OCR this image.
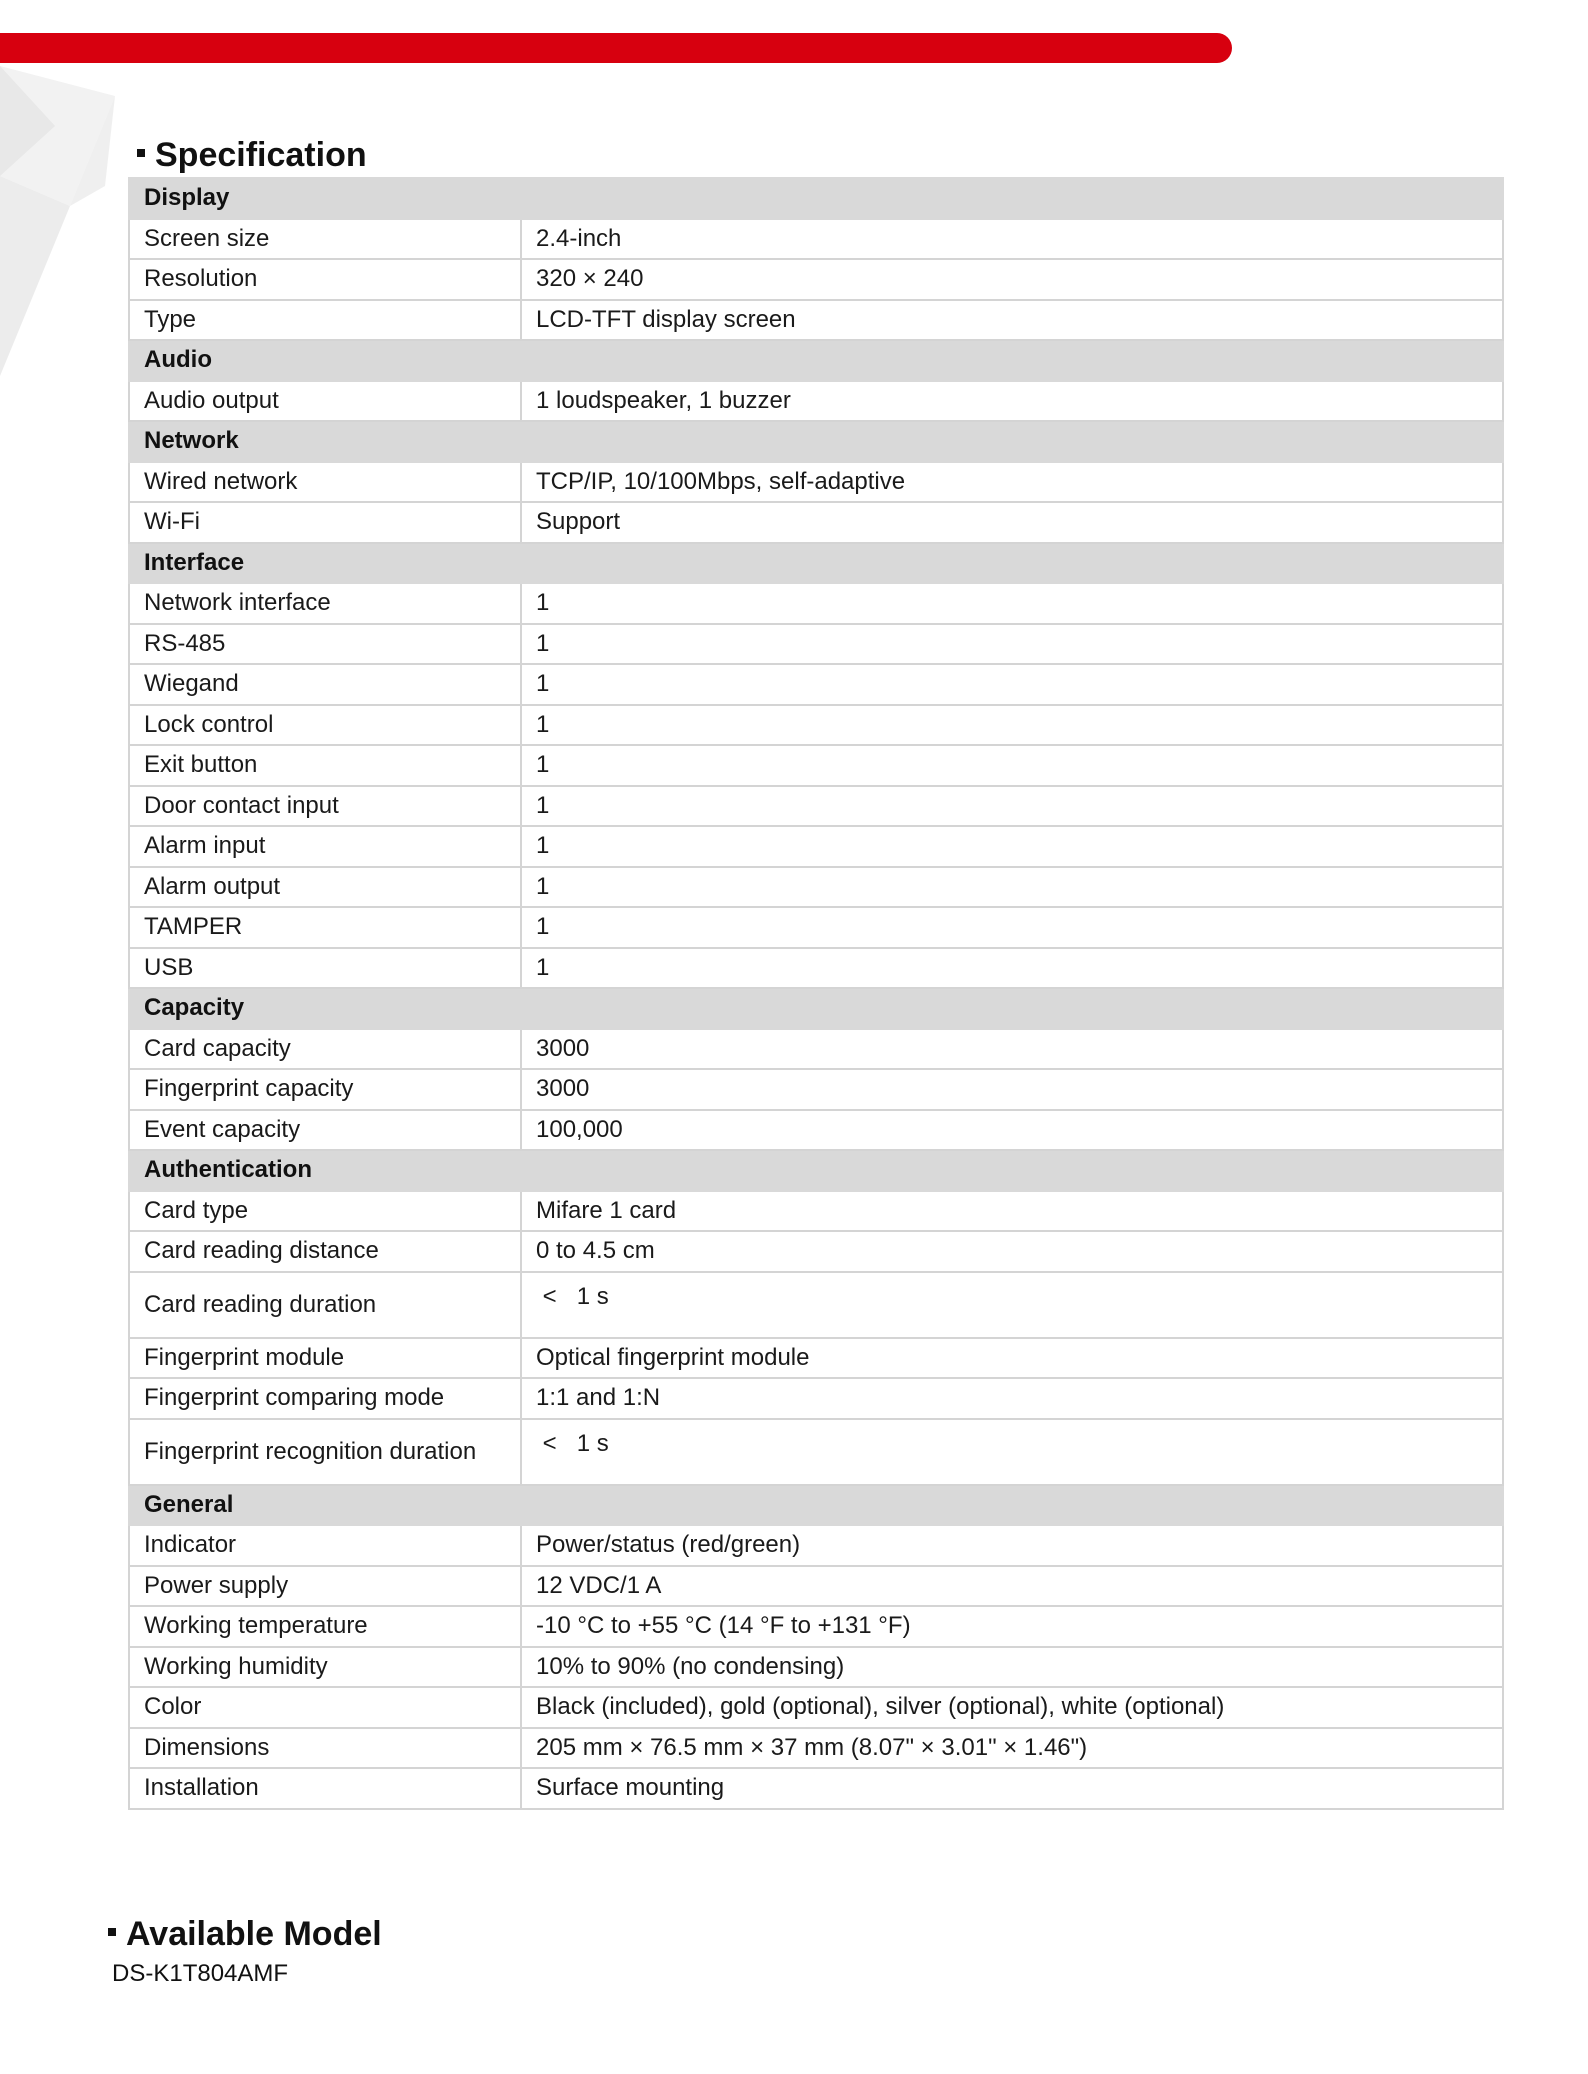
Specification
Display	
Screen size	2.4-inch
Resolution	320 × 240
Type	LCD-TFT display screen
Audio	
Audio output	1 loudspeaker, 1 buzzer
Network	
Wired network	TCP/IP, 10/100Mbps, self-adaptive
Wi-Fi	Support
Interface	
Network interface	1
RS-485	1
Wiegand	1
Lock control	1
Exit button	1
Door contact input	1
Alarm input	1
Alarm output	1
TAMPER	1
USB	1
Capacity	
Card capacity	3000
Fingerprint capacity	3000
Event capacity	100,000
Authentication	
Card type	Mifare 1 card
Card reading distance	0 to 4.5 cm
Card reading duration	<   1 s
Fingerprint module	Optical fingerprint module
Fingerprint comparing mode	1:1 and 1:N
Fingerprint recognition duration	<   1 s
General	
Indicator	Power/status (red/green)
Power supply	12 VDC/1 A
Working temperature	-10 °C to +55 °C (14 °F to +131 °F)
Working humidity	10% to 90% (no condensing)
Color	Black (included), gold (optional), silver (optional), white (optional)
Dimensions	205 mm × 76.5 mm × 37 mm (8.07" × 3.01" × 1.46")
Installation	Surface mounting
Available Model
DS-K1T804AMF
